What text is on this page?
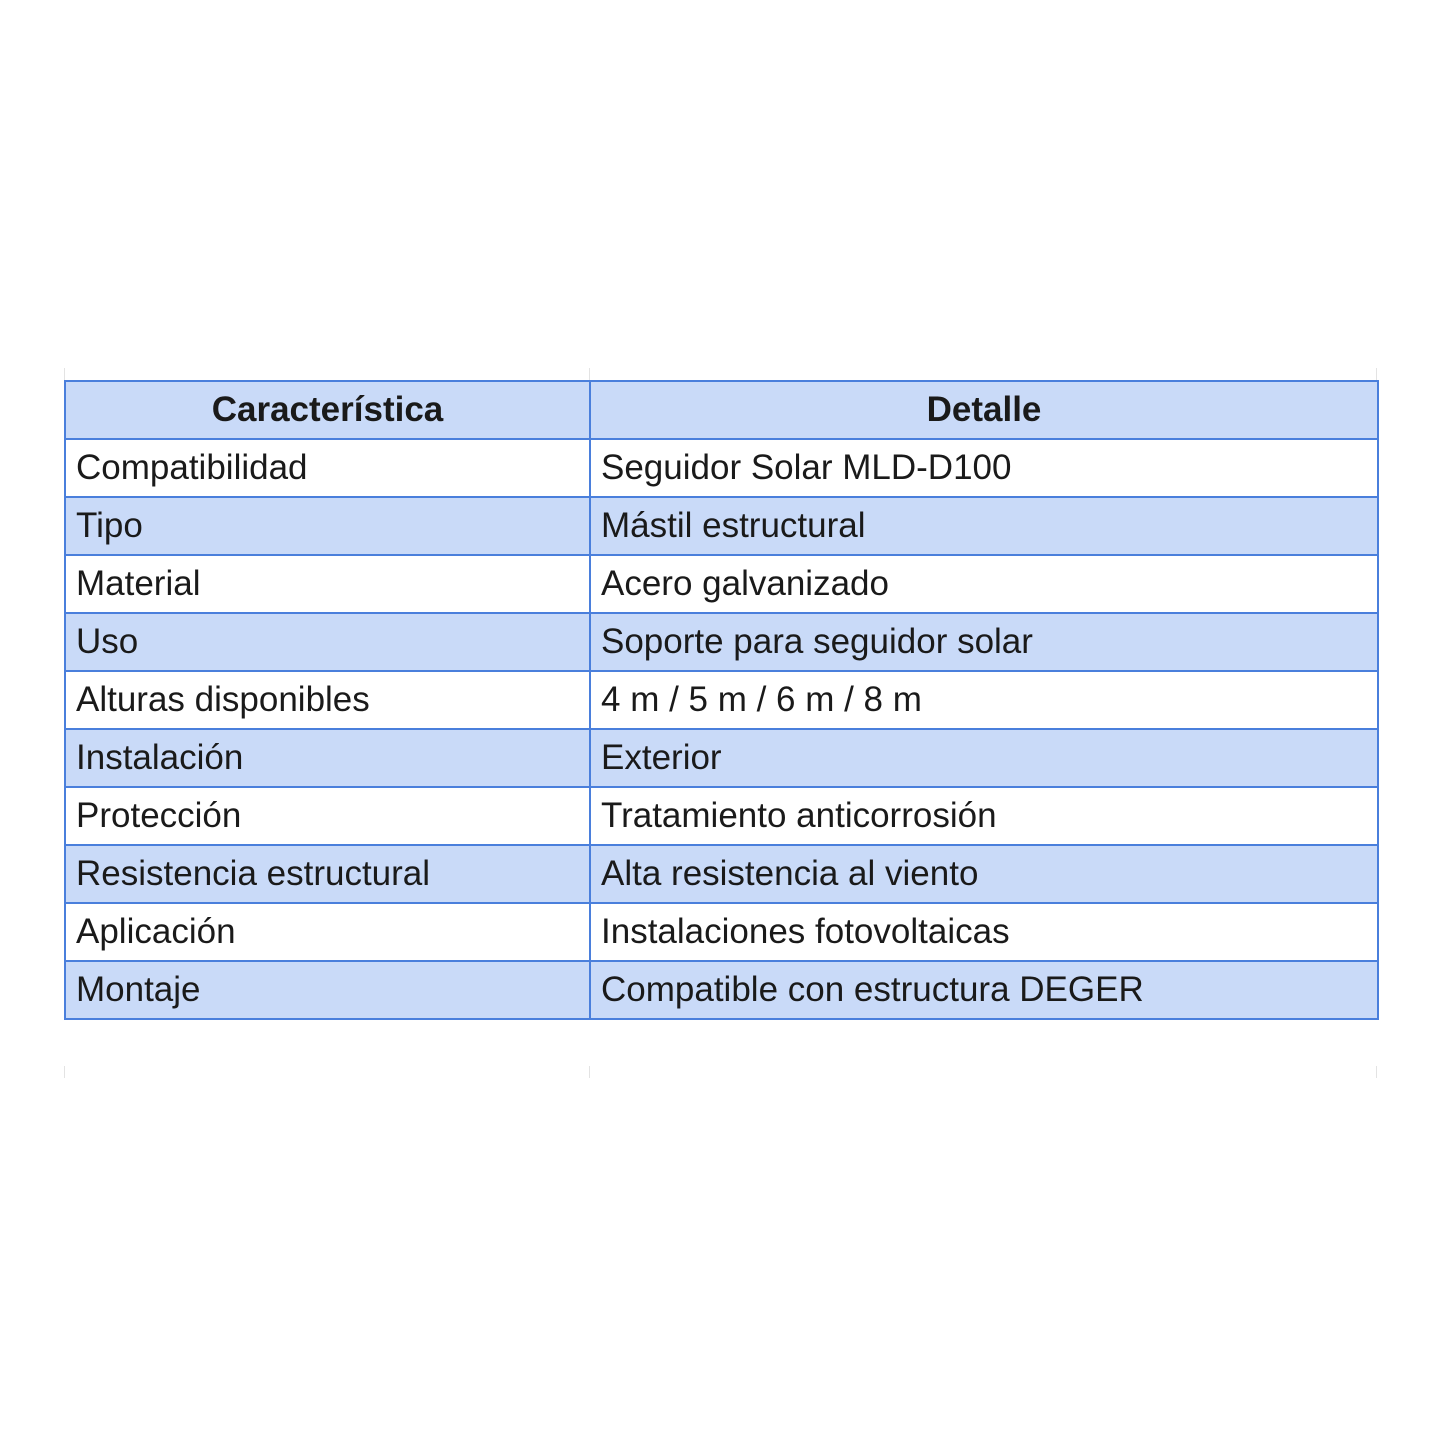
Característica	Detalle
Compatibilidad	Seguidor Solar MLD-D100
Tipo	Mástil estructural
Material	Acero galvanizado
Uso	Soporte para seguidor solar
Alturas disponibles	4 m / 5 m / 6 m / 8 m
Instalación	Exterior
Protección	Tratamiento anticorrosión
Resistencia estructural	Alta resistencia al viento
Aplicación	Instalaciones fotovoltaicas
Montaje	Compatible con estructura DEGER
